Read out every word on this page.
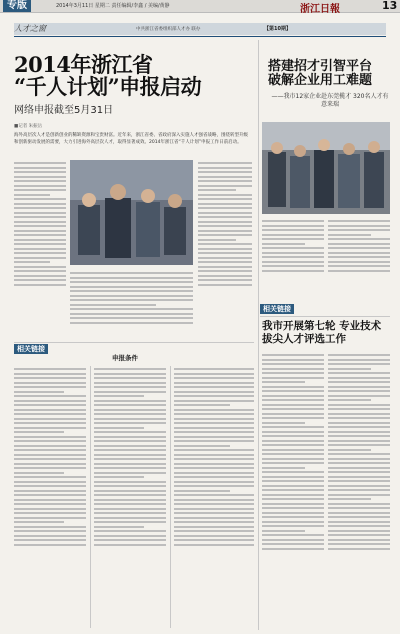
专版	2014年3月11日 星期二 责任编辑/李鑫 / 美编/黄静	浙江日報	13
人才之窗	中共浙江省委组织部人才办 联办	【第10期】
2014年浙江省
“千人计划”申报启动
网络申报截至5月31日
■记者 朱振岳
海外高层次人才是创新创业的稀缺资源和宝贵财富。近年来，浙江省委、省政府深入实施人才强省战略，围绕转型升级和创新驱动发展的需要，大力引进海外高层次人才，取得显著成效。2014年浙江省“千人计划”申报工作日前启动。
相关链接
申报条件
搭建招才引智平台 破解企业用工难题
——我市12家企业赴东莞揽才 320名人才有意来瑞
相关链接
我市开展第七轮 专业技术拔尖人才评选工作
